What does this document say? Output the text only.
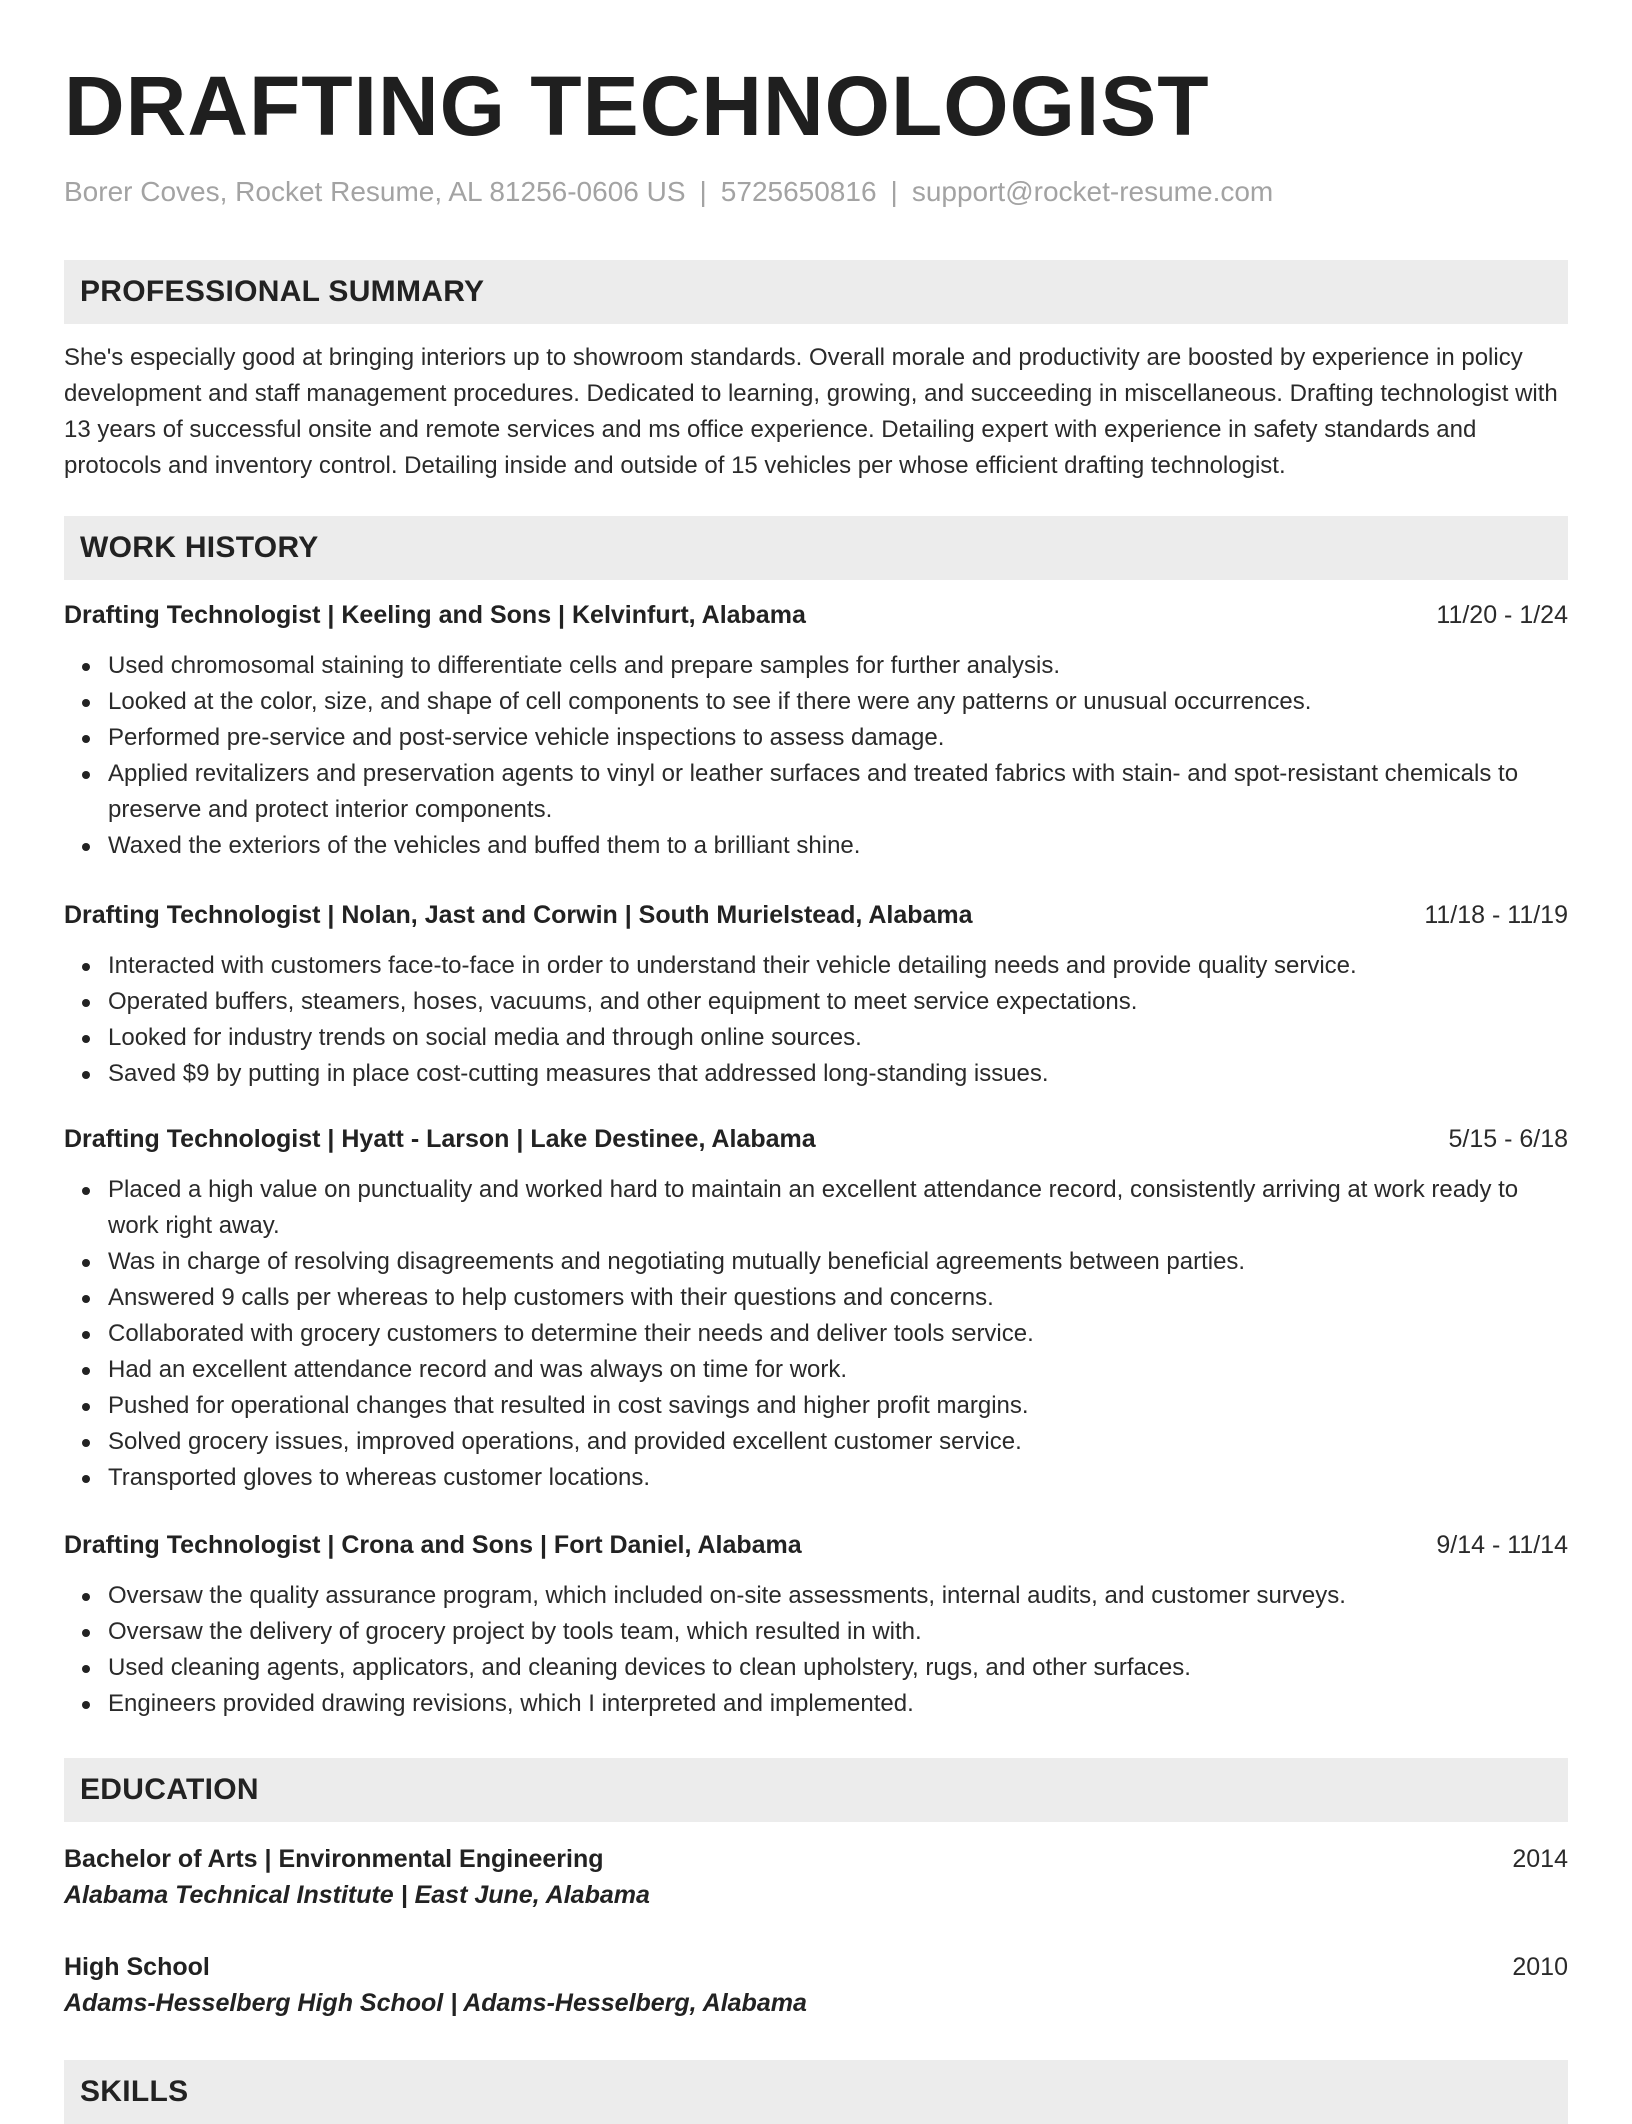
DRAFTING TECHNOLOGIST
Borer Coves, Rocket Resume, AL 81256-0606 US | 5725650816 | support@rocket-resume.com
PROFESSIONAL SUMMARY
She's especially good at bringing interiors up to showroom standards. Overall morale and productivity are boosted by experience in policy development and staff management procedures. Dedicated to learning, growing, and succeeding in miscellaneous. Drafting technologist with 13 years of successful onsite and remote services and ms office experience. Detailing expert with experience in safety standards and protocols and inventory control. Detailing inside and outside of 15 vehicles per whose efficient drafting technologist.
WORK HISTORY
Drafting Technologist | Keeling and Sons | Kelvinfurt, Alabama	11/20 - 1/24
Used chromosomal staining to differentiate cells and prepare samples for further analysis.
Looked at the color, size, and shape of cell components to see if there were any patterns or unusual occurrences.
Performed pre-service and post-service vehicle inspections to assess damage.
Applied revitalizers and preservation agents to vinyl or leather surfaces and treated fabrics with stain- and spot-resistant chemicals to preserve and protect interior components.
Waxed the exteriors of the vehicles and buffed them to a brilliant shine.
Drafting Technologist | Nolan, Jast and Corwin | South Murielstead, Alabama	11/18 - 11/19
Interacted with customers face-to-face in order to understand their vehicle detailing needs and provide quality service.
Operated buffers, steamers, hoses, vacuums, and other equipment to meet service expectations.
Looked for industry trends on social media and through online sources.
Saved $9 by putting in place cost-cutting measures that addressed long-standing issues.
Drafting Technologist | Hyatt - Larson | Lake Destinee, Alabama	5/15 - 6/18
Placed a high value on punctuality and worked hard to maintain an excellent attendance record, consistently arriving at work ready to work right away.
Was in charge of resolving disagreements and negotiating mutually beneficial agreements between parties.
Answered 9 calls per whereas to help customers with their questions and concerns.
Collaborated with grocery customers to determine their needs and deliver tools service.
Had an excellent attendance record and was always on time for work.
Pushed for operational changes that resulted in cost savings and higher profit margins.
Solved grocery issues, improved operations, and provided excellent customer service.
Transported gloves to whereas customer locations.
Drafting Technologist | Crona and Sons | Fort Daniel, Alabama	9/14 - 11/14
Oversaw the quality assurance program, which included on-site assessments, internal audits, and customer surveys.
Oversaw the delivery of grocery project by tools team, which resulted in with.
Used cleaning agents, applicators, and cleaning devices to clean upholstery, rugs, and other surfaces.
Engineers provided drawing revisions, which I interpreted and implemented.
EDUCATION
Bachelor of Arts | Environmental Engineering	2014
Alabama Technical Institute | East June, Alabama
High School	2010
Adams-Hesselberg High School | Adams-Hesselberg, Alabama
SKILLS
